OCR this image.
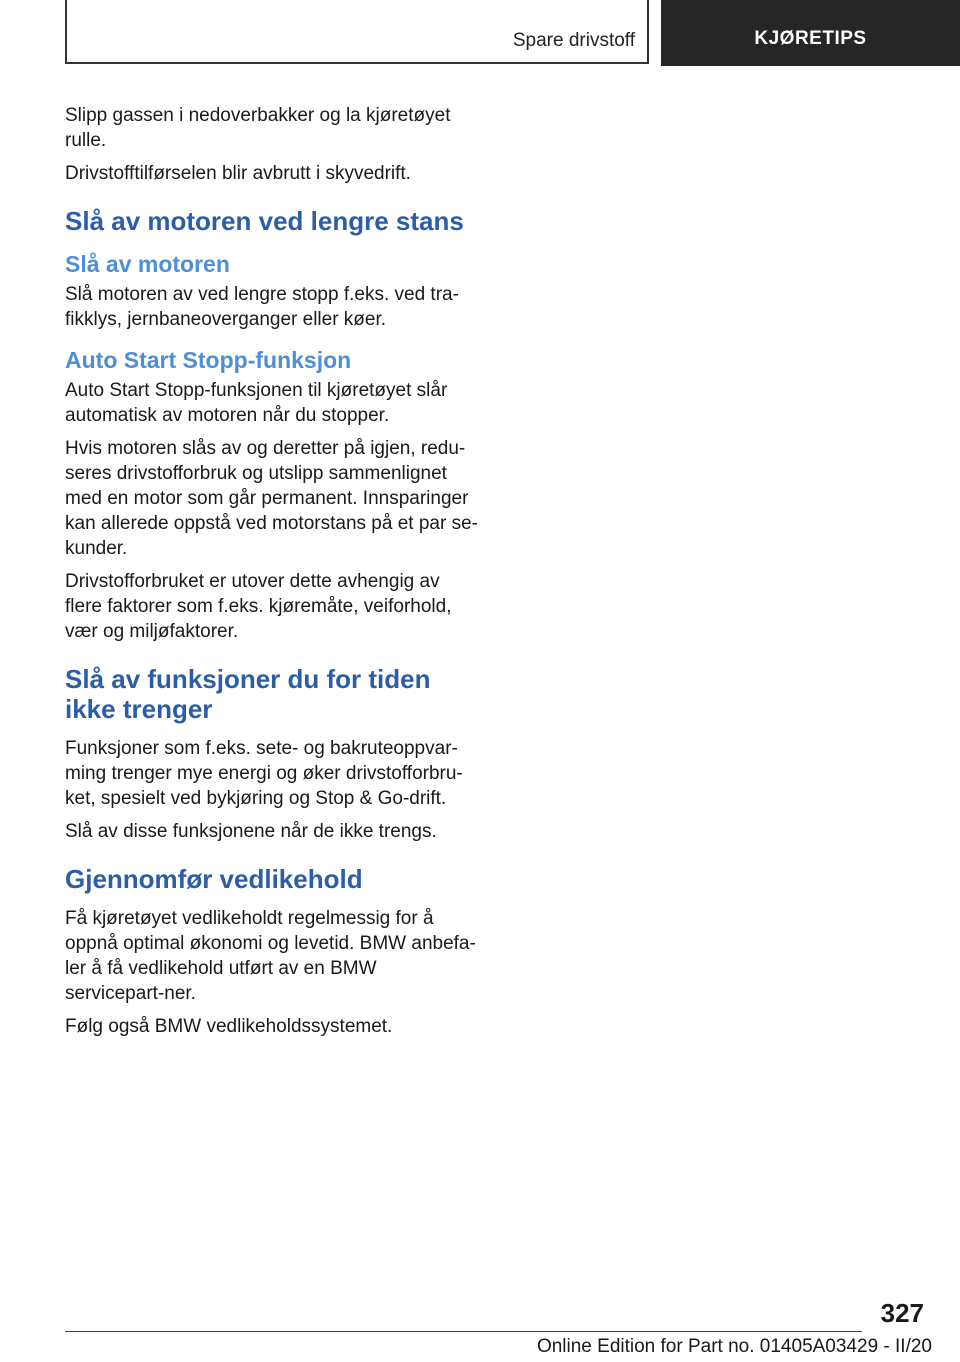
Spare drivstoff	KJØRETIPS

Slipp gassen i nedoverbakker og la kjøretøyet rulle.

Drivstofftilførselen blir avbrutt i skyvedrift.

Slå av motoren ved lengre stans
Slå av motoren

Slå motoren av ved lengre stopp f.eks. ved tra-fikklys, jernbaneoverganger eller køer.

Auto Start Stopp-funksjon

Auto Start Stopp-funksjonen til kjøretøyet slår automatisk av motoren når du stopper.

Hvis motoren slås av og deretter på igjen, redu-seres drivstofforbruk og utslipp sammenlignet med en motor som går permanent. Innsparinger kan allerede oppstå ved motorstans på et par se-kunder.

Drivstofforbruket er utover dette avhengig av flere faktorer som f.eks. kjøremåte, veiforhold, vær og miljøfaktorer.

Slå av funksjoner du for tiden ikke trenger

Funksjoner som f.eks. sete- og bakruteoppvar-ming trenger mye energi og øker drivstofforbru-ket, spesielt ved bykjøring og Stop & Go-drift.

Slå av disse funksjonene når de ikke trengs.

Gjennomfør vedlikehold

Få kjøretøyet vedlikeholdt regelmessig for å oppnå optimal økonomi og levetid. BMW anbefa-ler å få vedlikehold utført av en BMW servicepart-ner.

Følg også BMW vedlikeholdssystemet.

327
Online Edition for Part no. 01405A03429 - II/20
